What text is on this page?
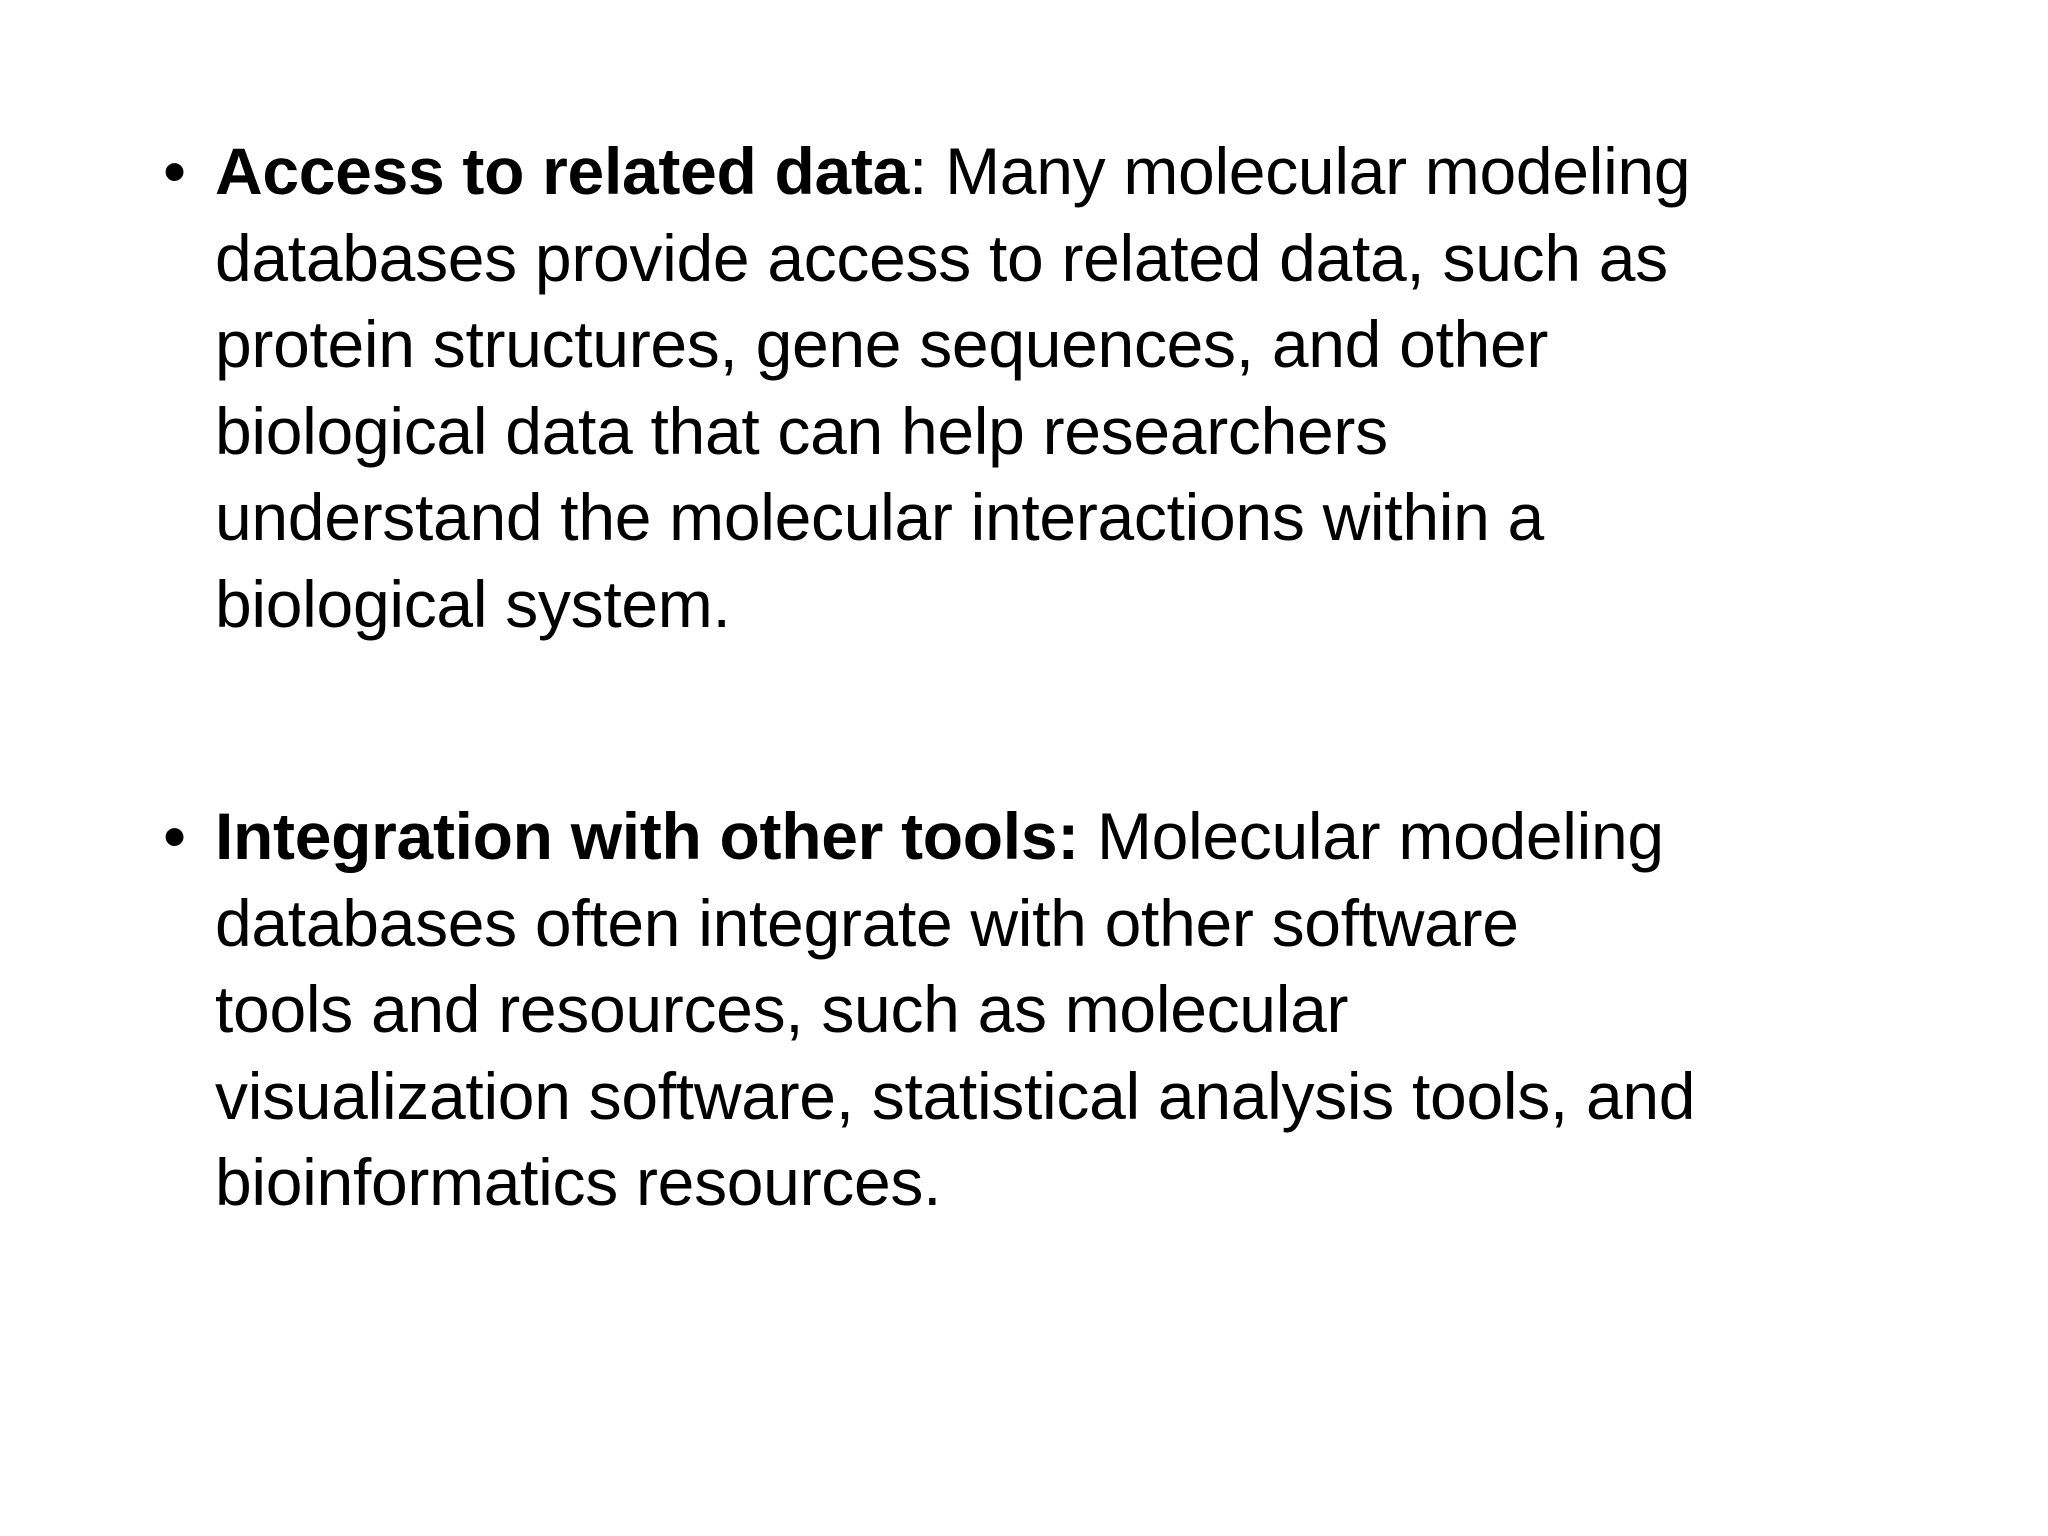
• Access to related data: Many molecular modeling
databases provide access to related data, such as
protein structures, gene sequences, and other
biological data that can help researchers
understand the molecular interactions within a
biological system.
• Integration with other tools: Molecular modeling
databases often integrate with other software
tools and resources, such as molecular
visualization software, statistical analysis tools, and
bioinformatics resources.
